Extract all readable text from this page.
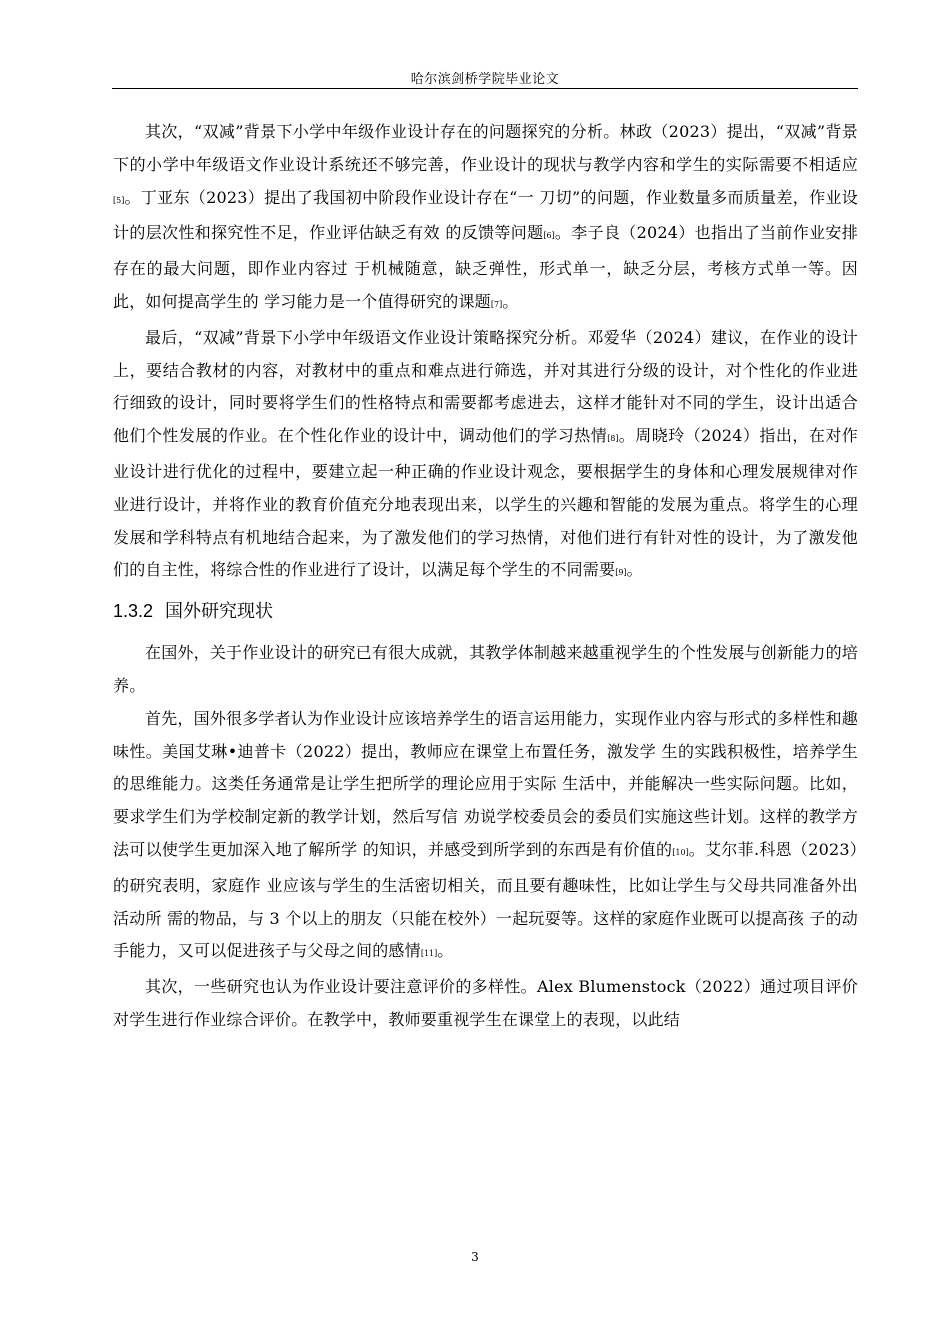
哈尔滨剑桥学院毕业论文

其次，“双减”背景下小学中年级作业设计存在的问题探究的分析。林政（2023）提出，“双减”背景下的小学中年级语文作业设计系统还不够完善，作业设计的现状与教学内容和学生的实际需要不相适应[5]。丁亚东（2023）提出了我国初中阶段作业设计存在“一 刀切”的问题，作业数量多而质量差，作业设计的层次性和探究性不足，作业评估缺乏有效 的反馈等问题[6]。李子良（2024）也指出了当前作业安排存在的最大问题，即作业内容过 于机械随意，缺乏弹性，形式单一，缺乏分层，考核方式单一等。因此，如何提高学生的 学习能力是一个值得研究的课题[7]。

最后，“双减”背景下小学中年级语文作业设计策略探究分析。邓爱华（2024）建议，在作业的设计上，要结合教材的内容，对教材中的重点和难点进行筛选，并对其进行分级的设计，对个性化的作业进行细致的设计，同时要将学生们的性格特点和需要都考虑进去，这样才能针对不同的学生，设计出适合他们个性发展的作业。在个性化作业的设计中，调动他们的学习热情[8]。周晓玲（2024）指出，在对作业设计进行优化的过程中，要建立起一种正确的作业设计观念，要根据学生的身体和心理发展规律对作业进行设计，并将作业的教育价值充分地表现出来，以学生的兴趣和智能的发展为重点。将学生的心理发展和学科特点有机地结合起来，为了激发他们的学习热情，对他们进行有针对性的设计，为了激发他们的自主性，将综合性的作业进行了设计，以满足每个学生的不同需要[9]。

1.3.2 国外研究现状

在国外，关于作业设计的研究已有很大成就，其教学体制越来越重视学生的个性发展与创新能力的培养。

首先，国外很多学者认为作业设计应该培养学生的语言运用能力，实现作业内容与形式的多样性和趣味性。美国艾琳•迪普卡（2022）提出，教师应在课堂上布置任务，激发学 生的实践积极性，培养学生的思维能力。这类任务通常是让学生把所学的理论应用于实际 生活中，并能解决一些实际问题。比如，要求学生们为学校制定新的教学计划，然后写信 劝说学校委员会的委员们实施这些计划。这样的教学方法可以使学生更加深入地了解所学 的知识，并感受到所学到的东西是有价值的[10]。艾尔菲.科恩（2023）的研究表明，家庭作 业应该与学生的生活密切相关，而且要有趣味性，比如让学生与父母共同准备外出活动所 需的物品，与 3 个以上的朋友（只能在校外）一起玩耍等。这样的家庭作业既可以提高孩 子的动手能力，又可以促进孩子与父母之间的感情[11]。

其次，一些研究也认为作业设计要注意评价的多样性。Alex Blumenstock（2022）通过项目评价对学生进行作业综合评价。在教学中，教师要重视学生在课堂上的表现，以此结

3
